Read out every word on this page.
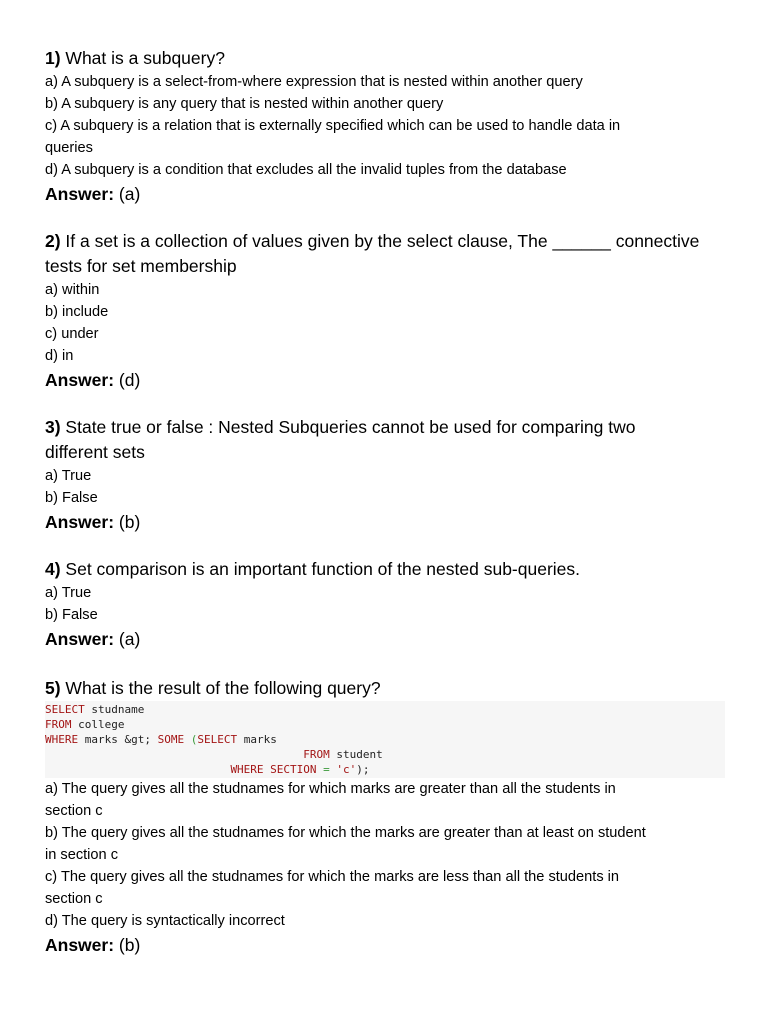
1) What is a subquery?

a) A subquery is a select-from-where expression that is nested within another query

b) A subquery is any query that is nested within another query

c) A subquery is a relation that is externally specified which can be used to handle data in

queries

d) A subquery is a condition that excludes all the invalid tuples from the database

Answer: (a)

2) If a set is a collection of values given by the select clause, The ______ connective

tests for set membership

a) within

b) include

c) under

d) in

Answer: (d)

3) State true or false : Nested Subqueries cannot be used for comparing two

different sets

a) True

b) False

Answer: (b)

4) Set comparison is an important function of the nested sub-queries.

a) True

b) False

Answer: (a)

5) What is the result of the following query?

SELECT studname
FROM college
WHERE marks &gt; SOME (SELECT marks
FROM student
WHERE SECTION = 'c');

a) The query gives all the studnames for which marks are greater than all the students in

section c

b) The query gives all the studnames for which the marks are greater than at least on student

in section c

c) The query gives all the studnames for which the marks are less than all the students in

section c

d) The query is syntactically incorrect

Answer: (b)
